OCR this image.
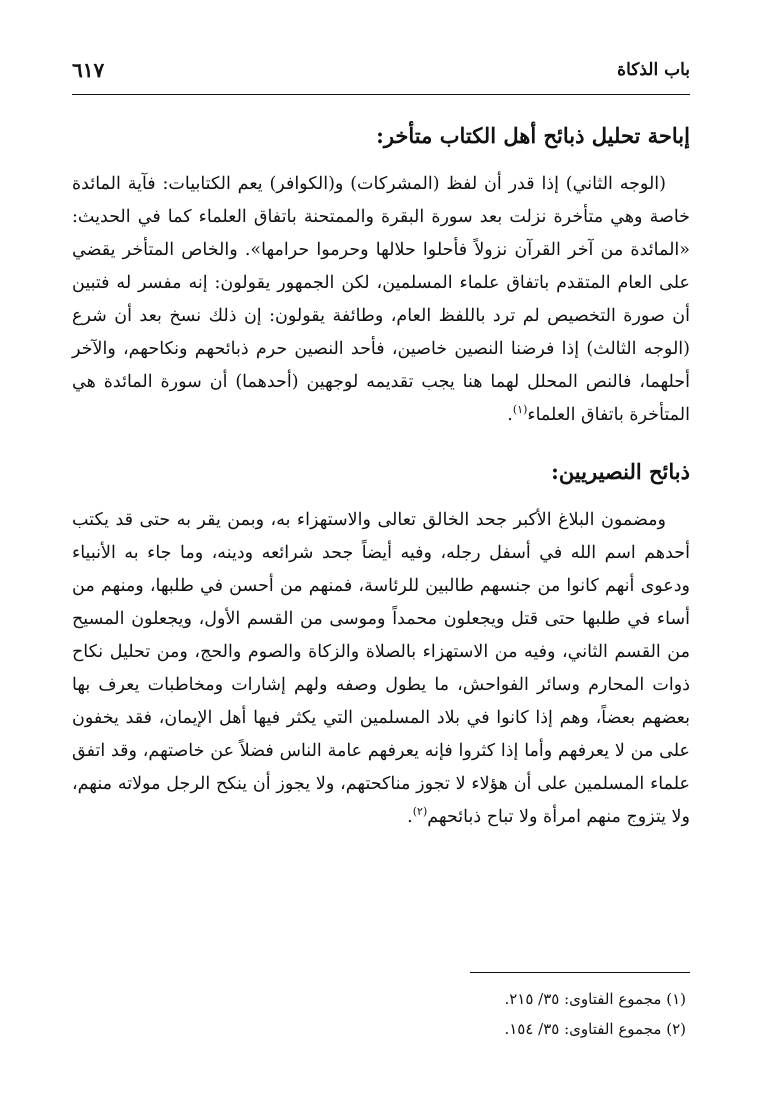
باب الذكاة
٦١٧
إباحة تحليل ذبائح أهل الكتاب متأخر:

(الوجه الثاني) إذا قدر أن لفظ (المشركات) و(الكوافر) يعم الكتابيات: فآية المائدة خاصة وهي متأخرة نزلت بعد سورة البقرة والممتحنة باتفاق العلماء كما في الحديث: «المائدة من آخر القرآن نزولاً فأحلوا حلالها وحرموا حرامها». والخاص المتأخر يقضي على العام المتقدم باتفاق علماء المسلمين، لكن الجمهور يقولون: إنه مفسر له فتبين أن صورة التخصيص لم ترد باللفظ العام، وطائفة يقولون: إن ذلك نسخ بعد أن شرع (الوجه الثالث) إذا فرضنا النصين خاصين، فأحد النصين حرم ذبائحهم ونكاحهم، والآخر أحلهما، فالنص المحلل لهما هنا يجب تقديمه لوجهين (أحدهما) أن سورة المائدة هي المتأخرة باتفاق العلماء$^{(١)}$.

ذبائح النصيريين:

ومضمون البلاغ الأكبر جحد الخالق تعالى والاستهزاء به، وبمن يقر به حتى قد يكتب أحدهم اسم الله في أسفل رجله، وفيه أيضاً جحد شرائعه ودينه، وما جاء به الأنبياء ودعوى أنهم كانوا من جنسهم طالبين للرئاسة، فمنهم من أحسن في طلبها، ومنهم من أساء في طلبها حتى قتل ويجعلون محمداً وموسى من القسم الأول، ويجعلون المسيح من القسم الثاني، وفيه من الاستهزاء بالصلاة والزكاة والصوم والحج، ومن تحليل نكاح ذوات المحارم وسائر الفواحش، ما يطول وصفه ولهم إشارات ومخاطبات يعرف بها بعضهم بعضاً، وهم إذا كانوا في بلاد المسلمين التي يكثر فيها أهل الإيمان، فقد يخفون على من لا يعرفهم وأما إذا كثروا فإنه يعرفهم عامة الناس فضلاً عن خاصتهم، وقد اتفق علماء المسلمين على أن هؤلاء لا تجوز مناكحتهم، ولا يجوز أن ينكح الرجل مولاته منهم، ولا يتزوج منهم امرأة ولا تباح ذبائحهم$^{(٢)}$.

(١) مجموع الفتاوى: ٣٥/ ٢١٥.
(٢) مجموع الفتاوى: ٣٥/ ١٥٤.
